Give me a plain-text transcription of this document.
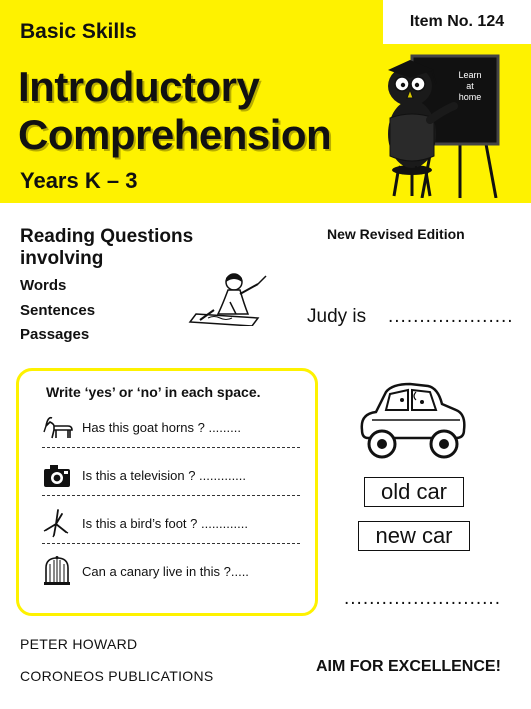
Item No. 124
Basic Skills
Introductory
Comprehension
Years K – 3
Learn
at
home
Reading Questions involving
Words
Sentences
Passages
New Revised Edition
Judy is ....................
Write ‘yes’ or ‘no’ in each space.
Has this goat horns ? .........
Is this a television ? .............
Is this a bird’s foot ? .............
Can a canary live in this ?.....
old car
new car
.........................
PETER HOWARD
CORONEOS PUBLICATIONS
AIM FOR EXCELLENCE!
